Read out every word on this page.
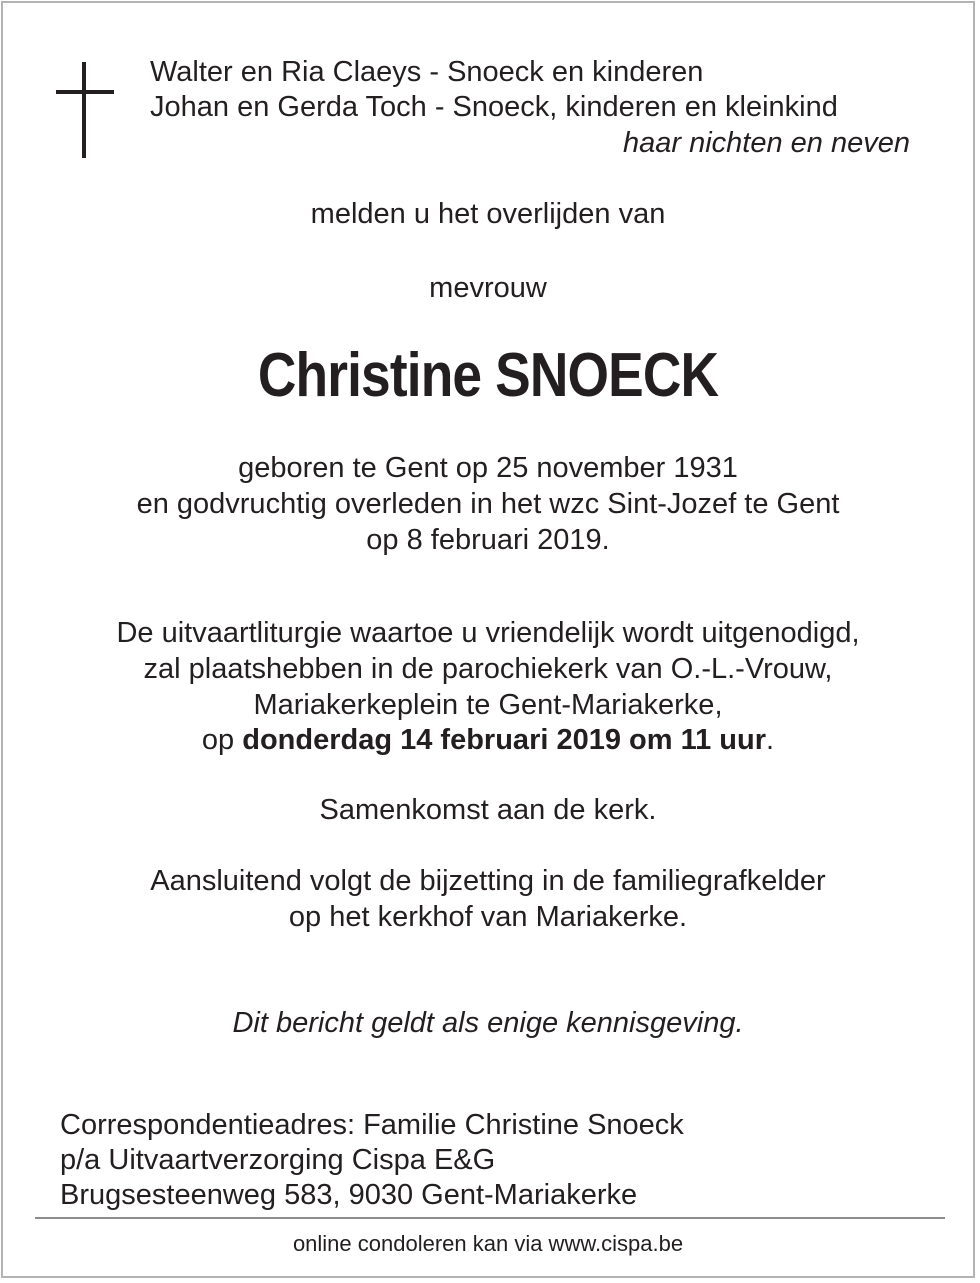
Walter en Ria Claeys - Snoeck en kinderen
Johan en Gerda Toch - Snoeck, kinderen en kleinkind
haar nichten en neven
melden u het overlijden van
mevrouw
Christine SNOECK
geboren te Gent op 25 november 1931
en godvruchtig overleden in het wzc Sint-Jozef te Gent
op 8 februari 2019.
De uitvaartliturgie waartoe u vriendelijk wordt uitgenodigd,
zal plaatshebben in de parochiekerk van O.-L.-Vrouw,
Mariakerkeplein te Gent-Mariakerke,
op donderdag 14 februari 2019 om 11 uur.
Samenkomst aan de kerk.
Aansluitend volgt de bijzetting in de familiegrafkelder
op het kerkhof van Mariakerke.
Dit bericht geldt als enige kennisgeving.
Correspondentieadres: Familie Christine Snoeck
p/a Uitvaartverzorging Cispa E&G
Brugsesteenweg 583, 9030 Gent-Mariakerke
online condoleren kan via www.cispa.be
